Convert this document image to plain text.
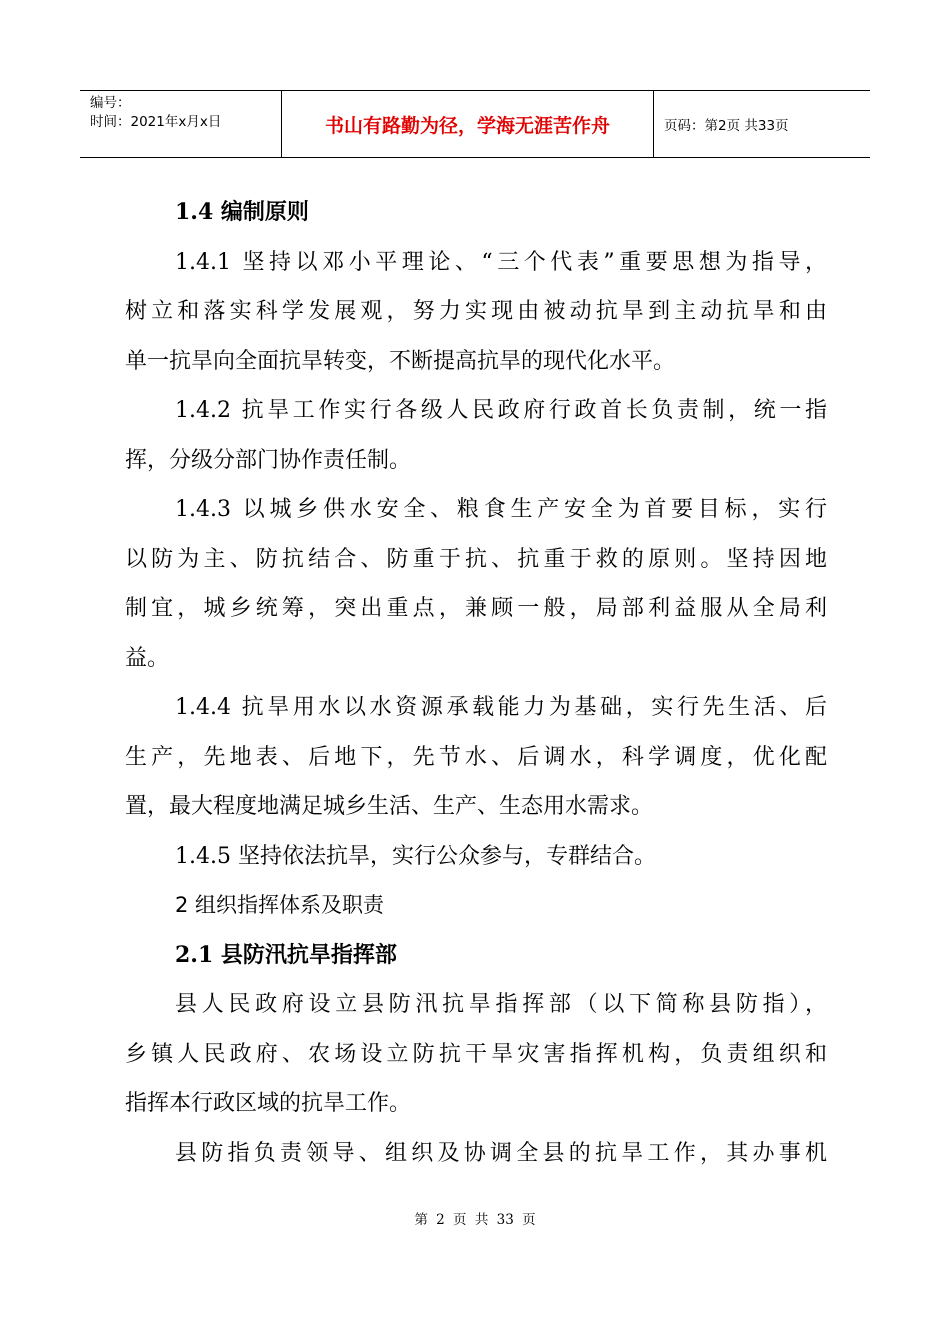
编号：
时间：2021年x月x日	书山有路勤为径，学海无涯苦作舟	页码：第2页 共33页
1.4 编制原则
1.4.1 坚持以邓小平理论、“三个代表”重要思想为指导，
树立和落实科学发展观，努力实现由被动抗旱到主动抗旱和由
单一抗旱向全面抗旱转变，不断提高抗旱的现代化水平。
1.4.2 抗旱工作实行各级人民政府行政首长负责制，统一指
挥，分级分部门协作责任制。
1.4.3 以城乡供水安全、粮食生产安全为首要目标，实行
以防为主、防抗结合、防重于抗、抗重于救的原则。坚持因地
制宜，城乡统筹，突出重点，兼顾一般，局部利益服从全局利
益。
1.4.4 抗旱用水以水资源承载能力为基础，实行先生活、后
生产，先地表、后地下，先节水、后调水，科学调度，优化配
置，最大程度地满足城乡生活、生产、生态用水需求。
1.4.5 坚持依法抗旱，实行公众参与，专群结合。
2 组织指挥体系及职责
2.1 县防汛抗旱指挥部
县人民政府设立县防汛抗旱指挥部（以下简称县防指），
乡镇人民政府、农场设立防抗干旱灾害指挥机构，负责组织和
指挥本行政区域的抗旱工作。
县防指负责领导、组织及协调全县的抗旱工作，其办事机
第 2 页 共 33 页
